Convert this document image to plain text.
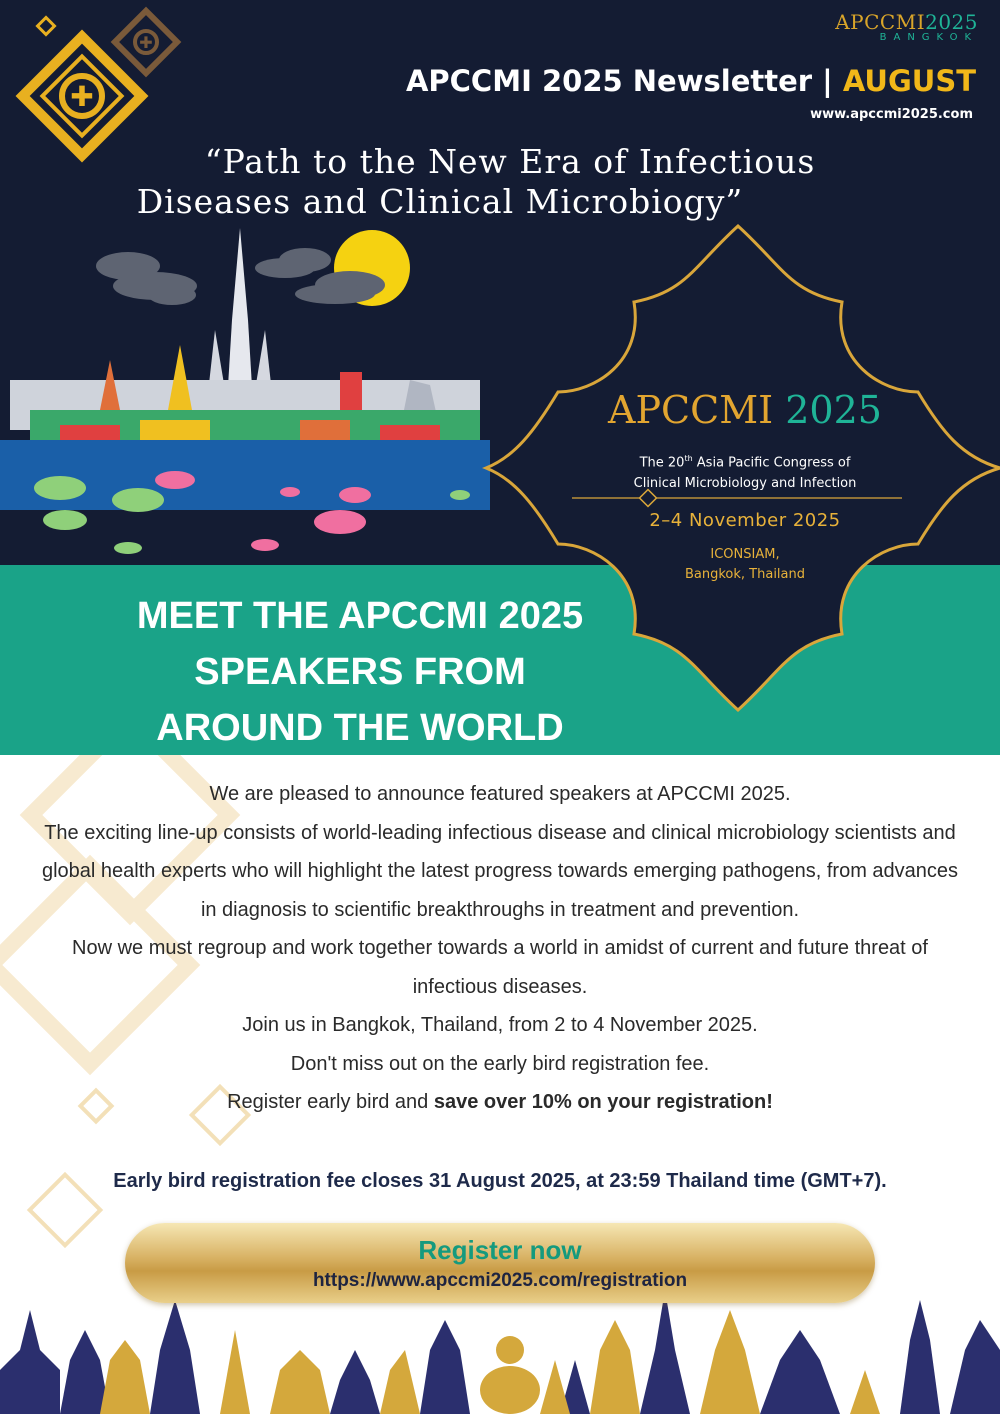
✚
✚
APCCMI2025
BANGKOK
APCCMI 2025 Newsletter | AUGUST
www.apccmi2025.com
“Path to the New Era of Infectious

Diseases and Clinical Microbiogy”
MEET THE APCCMI 2025
SPEAKERS FROM
AROUND THE WORLD
APCCMI 2025
The 20th Asia Pacific Congress of
Clinical Microbiology and Infection
2–4 November 2025
ICONSIAM,
Bangkok, Thailand

We are pleased to announce featured speakers at APCCMI 2025.

The exciting line-up consists of world-leading infectious disease and clinical microbiology scientists and global health experts who will highlight the latest progress towards emerging pathogens, from advances in diagnosis to scientific breakthroughs in treatment and prevention.

Now we must regroup and work together towards a world in amidst of current and future threat of infectious diseases.

Join us in Bangkok, Thailand, from 2 to 4 November 2025.

Don't miss out on the early bird registration fee.

Register early bird and save over 10% on your registration!

Early bird registration fee closes 31 August 2025, at 23:59 Thailand time (GMT+7).
Register now
https://www.apccmi2025.com/registration
